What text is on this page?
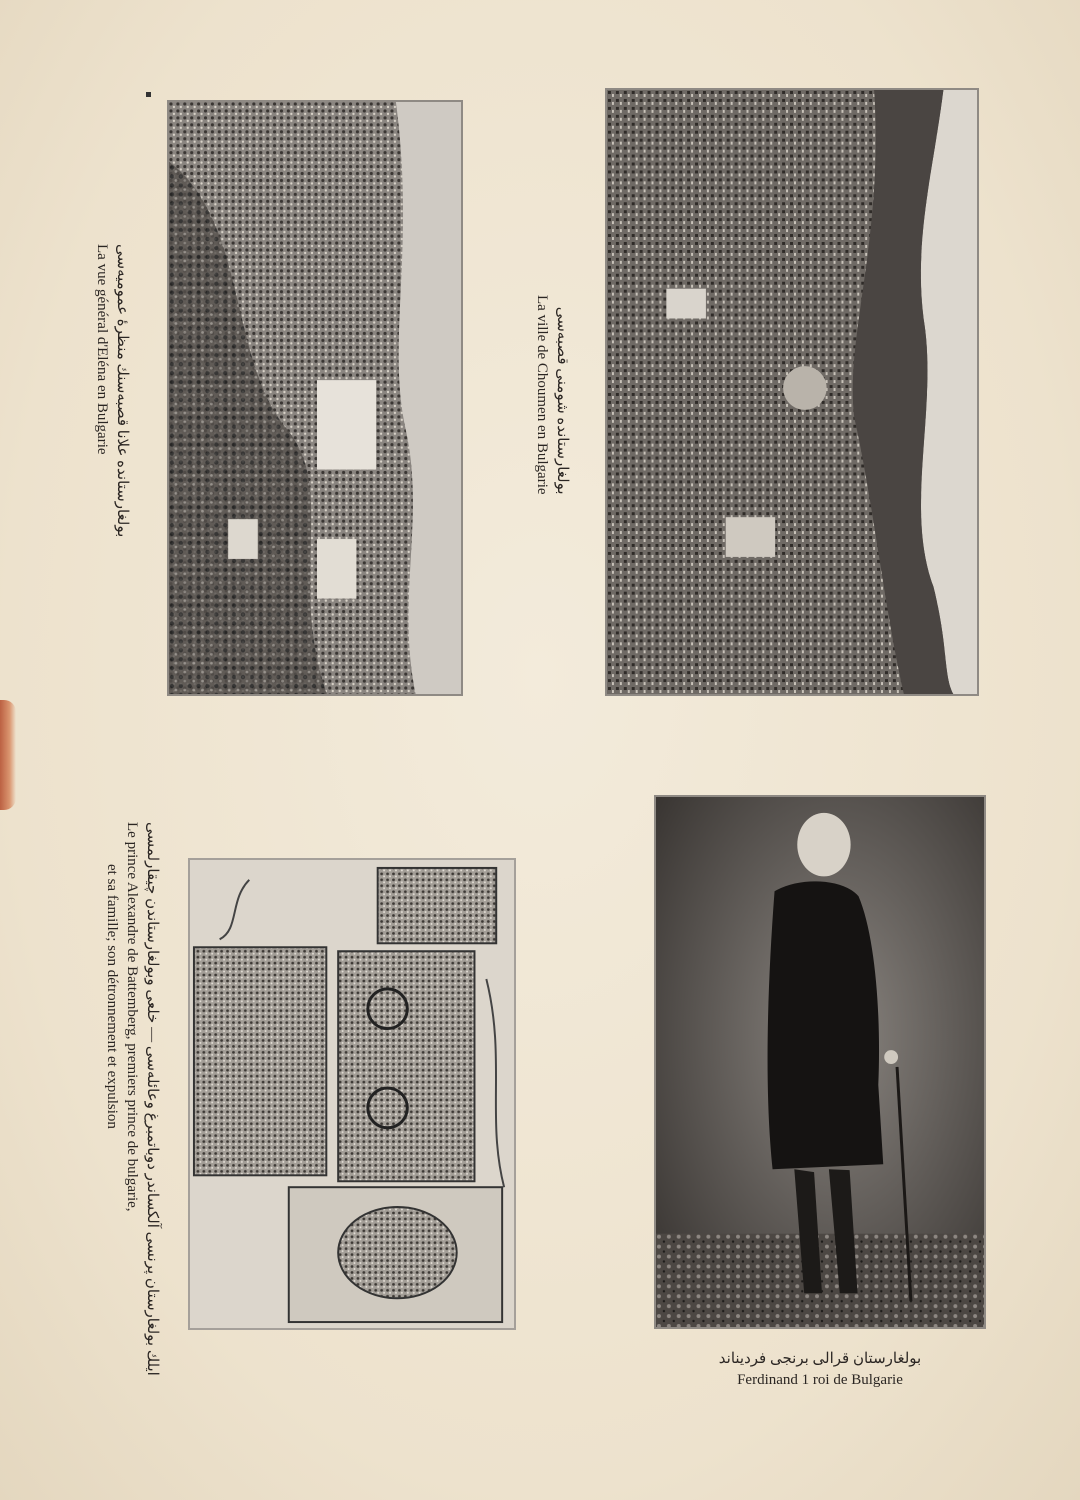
بولغارستانده علانا قصبه‌سنك منظرهٔ عموميه‌سى
La vue général d'Eléna en Bulgarie	بولغارستانده شومنى قصبه‌سى
La ville de Choumen en Bulgarie
ايلك بولغارستان پرنسى آلكساندر دوباتمبرغ وعائله‌سى — خلعى وبولغارستاندن چيقارلمسى
Le prince Alexandre de Battemberg, premiers prince de bulgarie,
et sa famille; son détronnement et expulsion
بولغارستان قرالى برنجى فرديناند
Ferdinand 1 roi de Bulgarie
